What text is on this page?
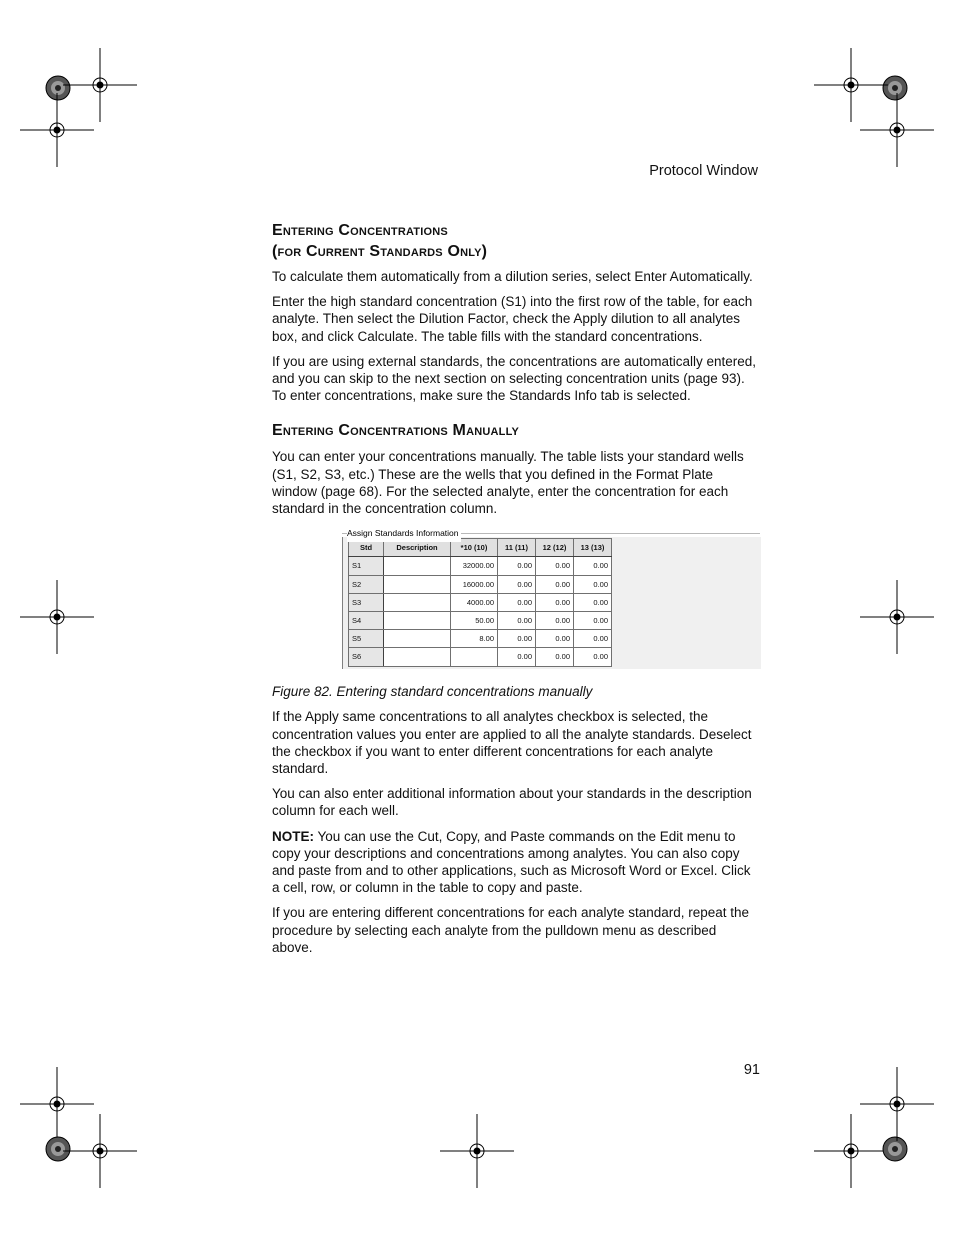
Protocol Window
Entering Concentrations
(for Current Standards Only)

To calculate them automatically from a dilution series, select Enter Automatically.

Enter the high standard concentration (S1) into the first row of the table, for each analyte. Then select the Dilution Factor, check the Apply dilution to all analytes box, and click Calculate. The table fills with the standard concentrations.

If you are using external standards, the concentrations are automatically entered, and you can skip to the next section on selecting concentration units (page 93). To enter concentrations, make sure the Standards Info tab is selected.

Entering Concentrations Manually

You can enter your concentrations manually. The table lists your standard wells (S1, S2, S3, etc.) These are the wells that you defined in the Format Plate window (page 68). For the selected analyte, enter the concentration for each standard in the concentration column.

Assign Standards Information
Std	Description	*10 (10)	11 (11)	12 (12)	13 (13)
S1		32000.00	0.00	0.00	0.00
S2		16000.00	0.00	0.00	0.00
S3		4000.00	0.00	0.00	0.00
S4		50.00	0.00	0.00	0.00
S5		8.00	0.00	0.00	0.00
S6			0.00	0.00	0.00

Figure 82. Entering standard concentrations manually

If the Apply same concentrations to all analytes checkbox is selected, the concentration values you enter are applied to all the analyte standards. Deselect the checkbox if you want to enter different concentrations for each analyte standard.

You can also enter additional information about your standards in the description column for each well.

NOTE: You can use the Cut, Copy, and Paste commands on the Edit menu to copy your descriptions and concentrations among analytes. You can also copy and paste from and to other applications, such as Microsoft Word or Excel. Click a cell, row, or column in the table to copy and paste.

If you are entering different concentrations for each analyte standard, repeat the procedure by selecting each analyte from the pulldown menu as described above.

91
